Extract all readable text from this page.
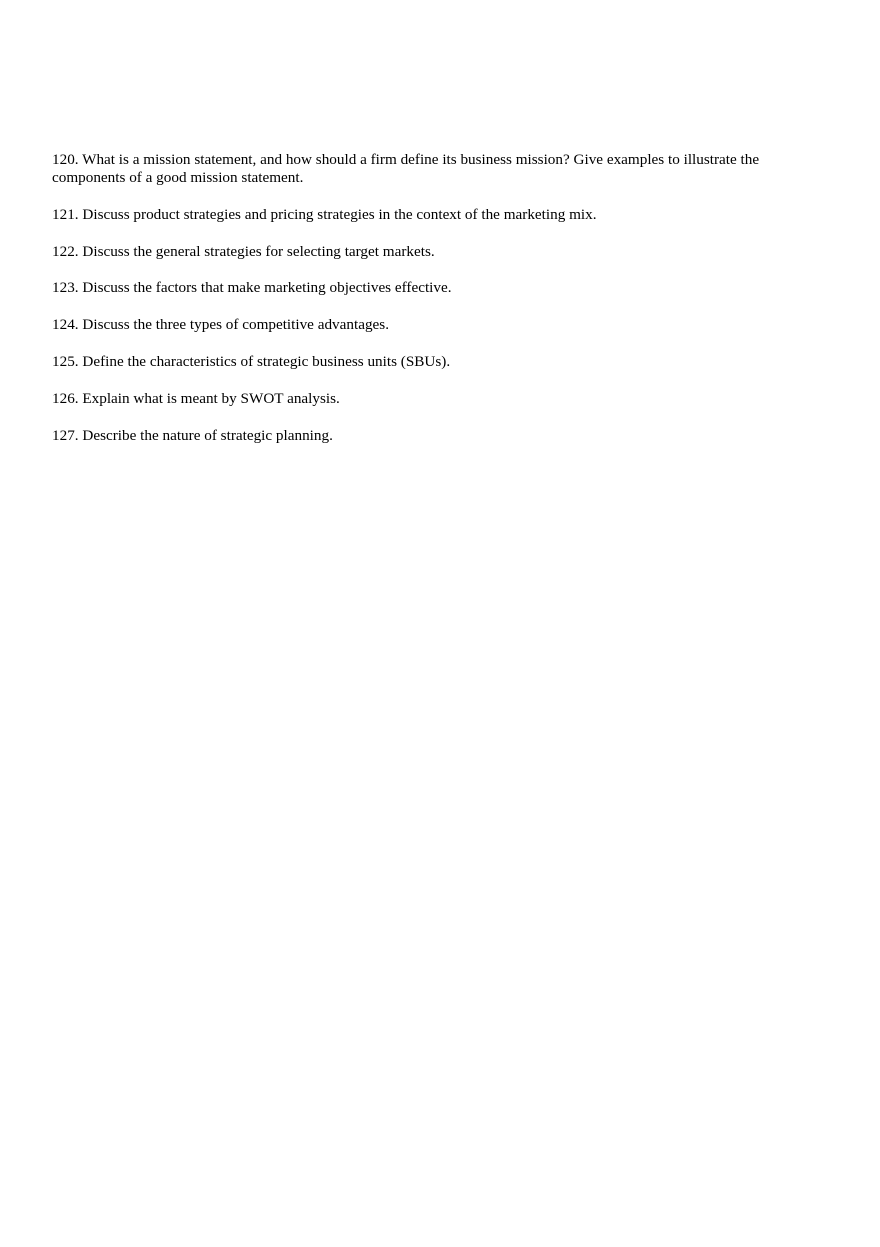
120. What is a mission statement, and how should a firm define its business mission? Give examples to illustrate the components of a good mission statement.
121. Discuss product strategies and pricing strategies in the context of the marketing mix.
122. Discuss the general strategies for selecting target markets.
123. Discuss the factors that make marketing objectives effective.
124. Discuss the three types of competitive advantages.
125. Define the characteristics of strategic business units (SBUs).
126. Explain what is meant by SWOT analysis.
127. Describe the nature of strategic planning.
